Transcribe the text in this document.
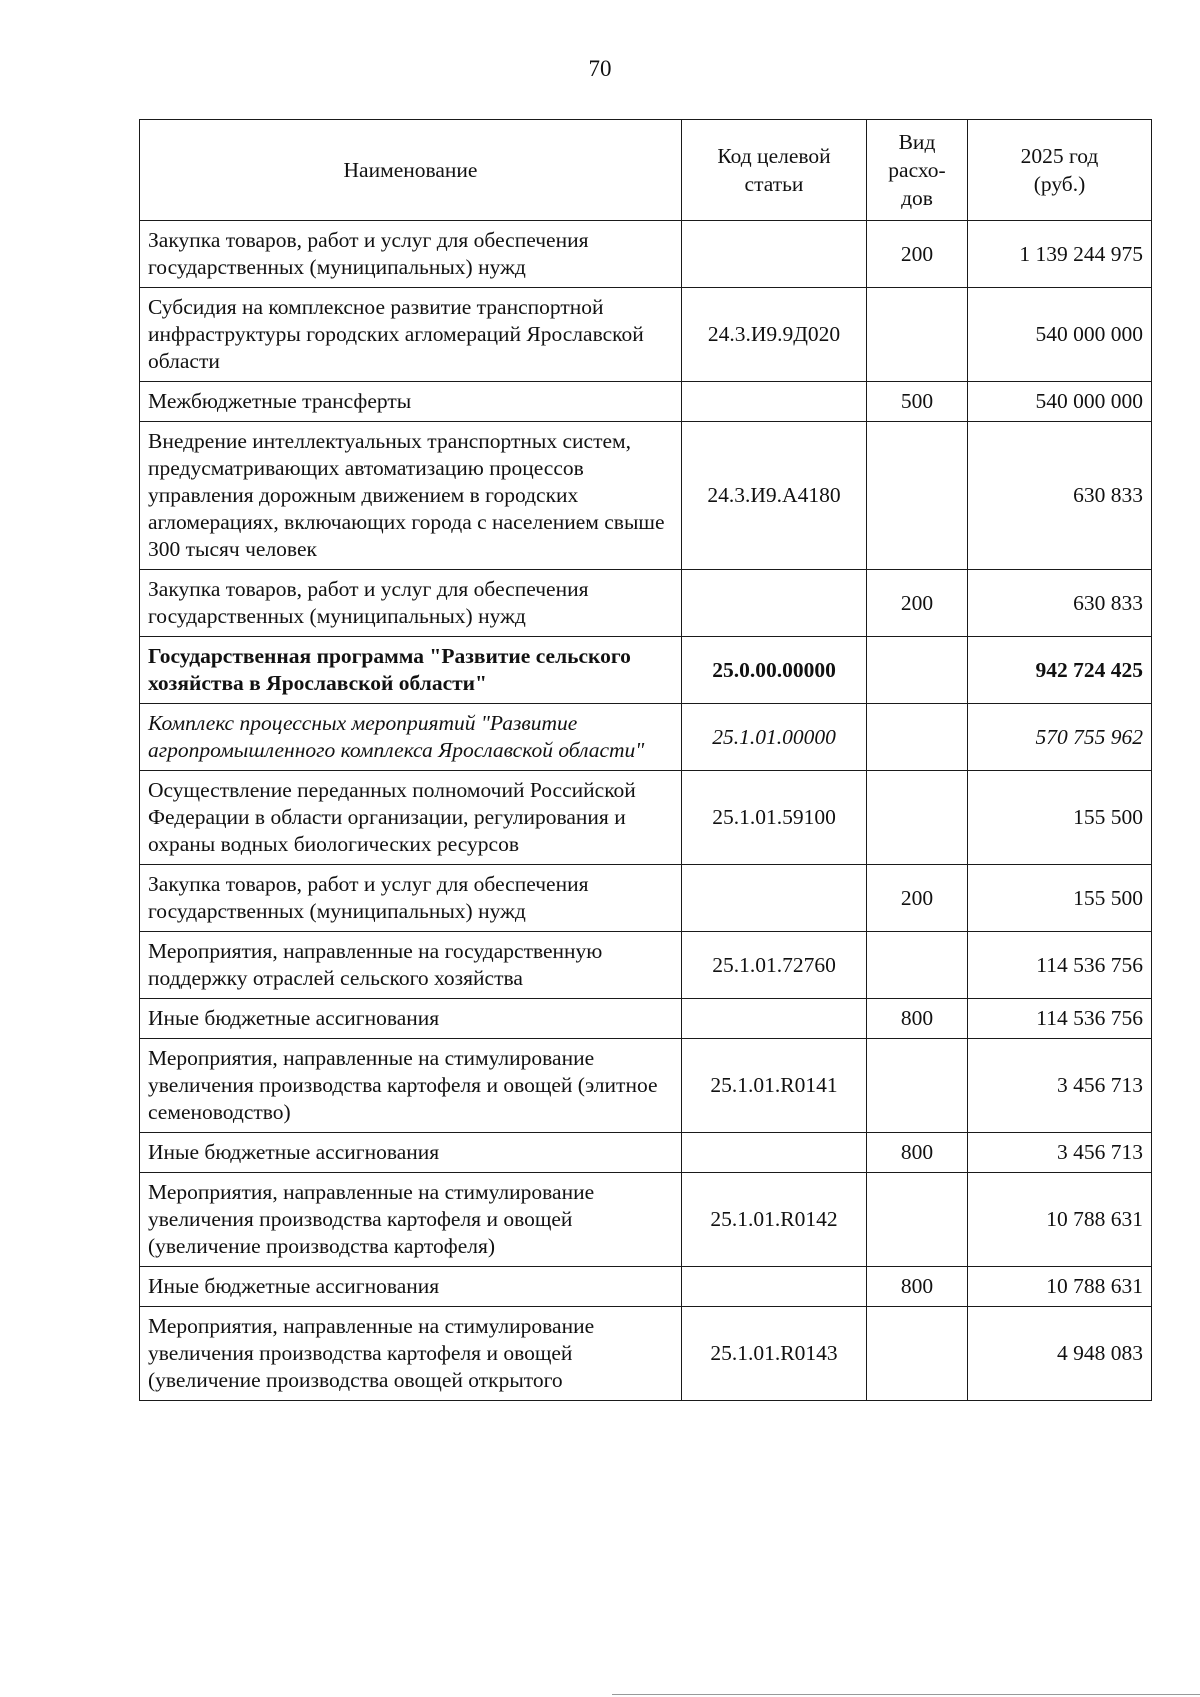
70
Наименование	Код целевой статьи	Вид расхо-дов	2025 год (руб.)
Закупка товаров, работ и услуг для обеспечения государственных (муниципальных) нужд		200	1 139 244 975
Субсидия на комплексное развитие транспортной инфраструктуры городских агломераций Ярославской области	24.3.И9.9Д020		540 000 000
Межбюджетные трансферты		500	540 000 000
Внедрение интеллектуальных транспортных систем, предусматривающих автоматизацию процессов управления дорожным движением в городских агломерациях, включающих города с населением свыше 300 тысяч человек	24.3.И9.А4180		630 833
Закупка товаров, работ и услуг для обеспечения государственных (муниципальных) нужд		200	630 833
Государственная программа "Развитие сельского хозяйства в Ярославской области"	25.0.00.00000		942 724 425
Комплекс процессных мероприятий "Развитие агропромышленного комплекса Ярославской области"	25.1.01.00000		570 755 962
Осуществление переданных полномочий Российской Федерации в области организации, регулирования и охраны водных биологических ресурсов	25.1.01.59100		155 500
Закупка товаров, работ и услуг для обеспечения государственных (муниципальных) нужд		200	155 500
Мероприятия, направленные на государственную поддержку отраслей сельского хозяйства	25.1.01.72760		114 536 756
Иные бюджетные ассигнования		800	114 536 756
Мероприятия, направленные на стимулирование увеличения производства картофеля и овощей (элитное семеноводство)	25.1.01.R0141		3 456 713
Иные бюджетные ассигнования		800	3 456 713
Мероприятия, направленные на стимулирование увеличения производства картофеля и овощей (увеличение производства картофеля)	25.1.01.R0142		10 788 631
Иные бюджетные ассигнования		800	10 788 631
Мероприятия, направленные на стимулирование увеличения производства картофеля и овощей (увеличение производства овощей открытого	25.1.01.R0143		4 948 083
